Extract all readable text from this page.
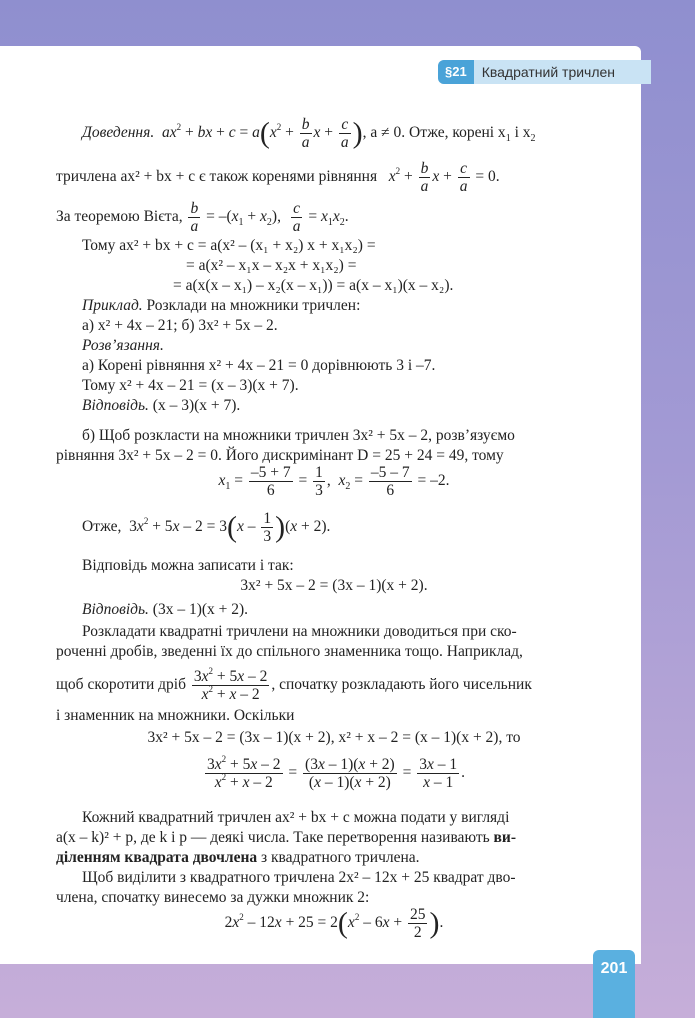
§21	Квадратний тричлен
Доведення. $ax^2$ + bx + $c = a(x^2 + \frac{b}{a}$ $x + \frac{c}{a}$ ), a ≠ 0. Отже, корені $x_1$ і $x_2$
тричлена ax² + bx + c є також коренями рівняння $x^2 + \frac{b}{a}$ $x + \frac{c}{a} = 0$.
За теоремою Вієта, $\frac{b}{a} = -(x_1 + x_2)$, $\frac{c}{a} = x_1x_2$.
Тому ax² + bx + c = a(x² – (x₁ + x₂) x + x₁x₂) =
= a(x² – x₁x – x₂x + x₁x₂) =
= a(x(x – x₁) – x₂(x – x₁)) = a(x – x₁)(x – x₂).
Приклад. Розклади на множники тричлен:
а) x² + 4x – 21; б) 3x² + 5x – 2.
Розв’язання.
а) Корені рівняння x² + 4x – 21 = 0 дорівнюють 3 і –7.
Тому x² + 4x – 21 = (x – 3)(x + 7).
Відповідь. (x – 3)(x + 7).
б) Щоб розкласти на множники тричлен 3x² + 5x – 2, розв’язуємо
рівняння 3x² + 5x – 2 = 0. Його дискримінант D = 25 + 24 = 49, тому
$x_1 = \frac{-5 + 7}{6} = \frac{1}{3}$ ,  $x_2 = \frac{-5 - 7}{6} = -2$.
Отже,  $3x^2 + 5x - 2 = 3(x - \frac{1}{3} )(x + 2)$.
Відповідь можна записати і так:
3x² + 5x – 2 = (3x – 1)(x + 2).
Відповідь. (3x – 1)(x + 2).
Розкладати квадратні тричлени на множники доводиться при ско-
роченні дробів, зведенні їх до спільного знаменника тощо. Наприклад,
щоб скоротити дріб $\frac{3x^2 + 5x - 2}{x^2 + x - 2}$ , спочатку розкладають його чисельник
і знаменник на множники. Оскільки
3x² + 5x – 2 = (3x – 1)(x + 2), x² + x – 2 = (x – 1)(x + 2), то
$\frac{3x^2 + 5x - 2}{x^2 + x - 2} = \frac{(3x - 1)(x + 2)}{(x - 1)(x + 2)} = \frac{3x - 1}{x - 1}$ .
Кожний квадратний тричлен ax² + bx + c можна подати у вигляді
a(x – k)² + p, де k і p — деякі числа. Таке перетворення називають ви-
діленням квадрата двочлена з квадратного тричлена.
Щоб виділити з квадратного тричлена 2x² – 12x + 25 квадрат дво-
члена, спочатку винесемо за дужки множник 2:
$2x^2 - 12x + 25 = 2(x^2 - 6x + \frac{25}{2}$ ).
201
